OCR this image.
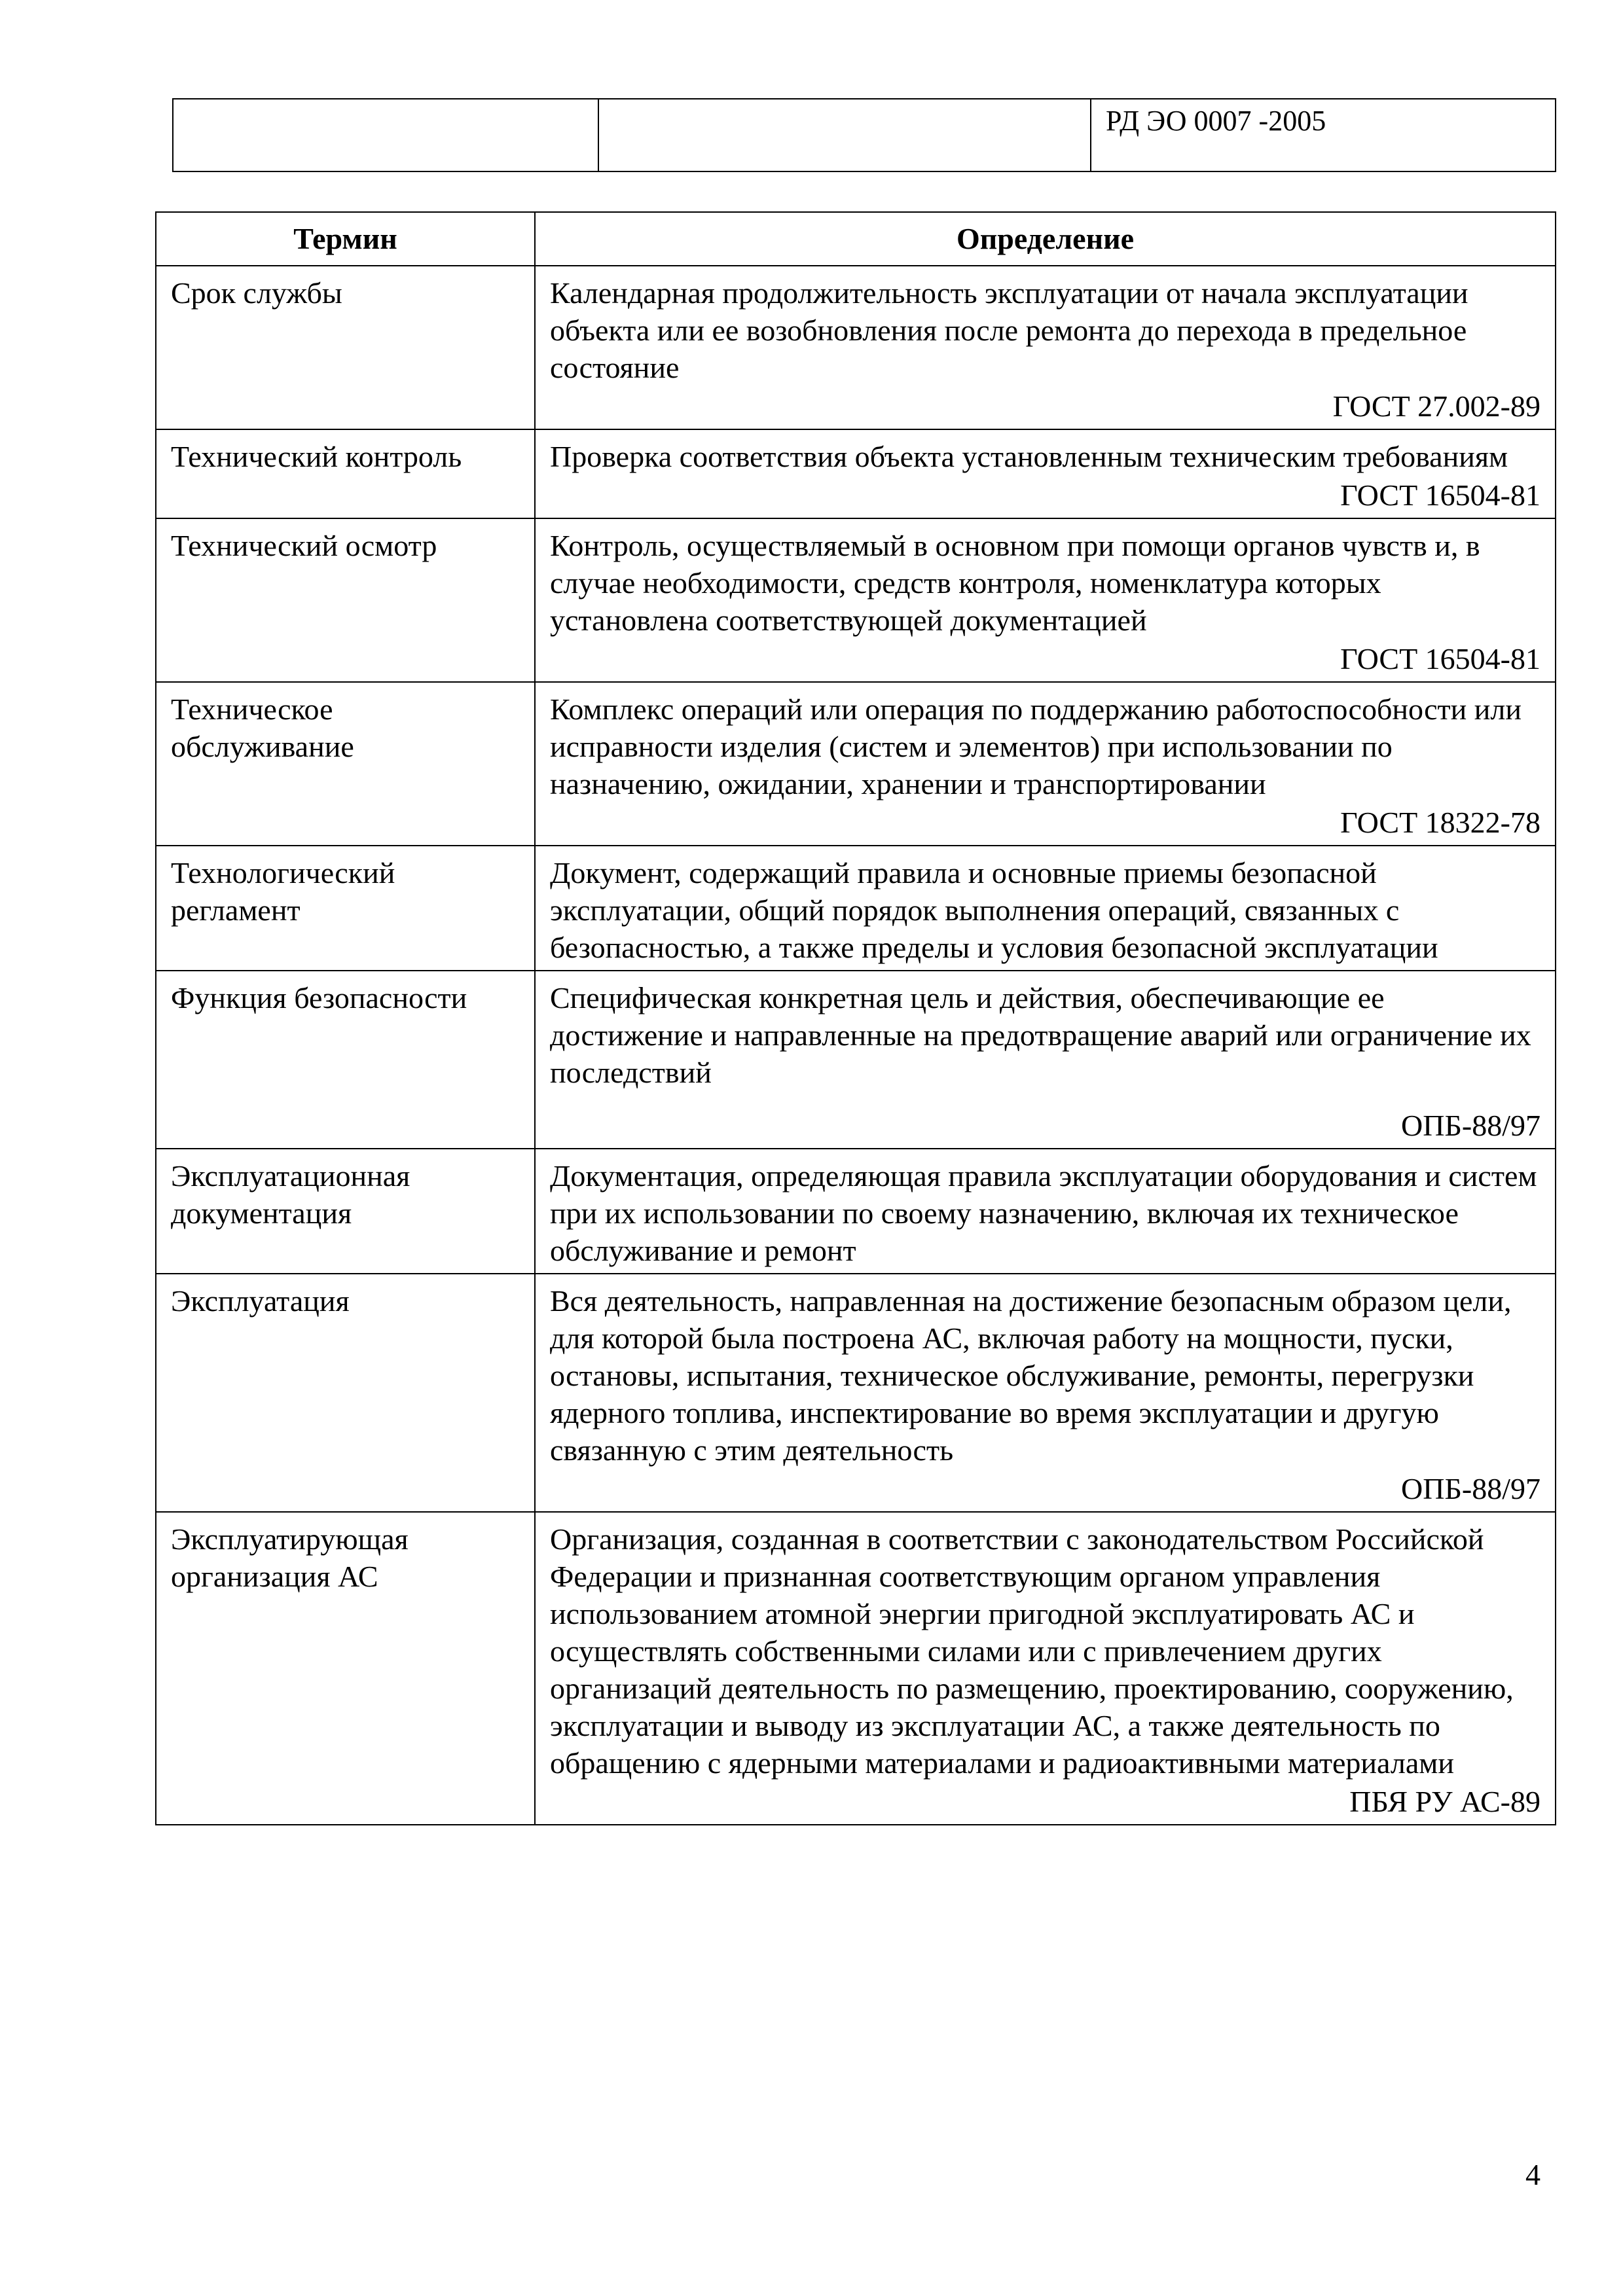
		РД ЭО 0007 -2005
Термин	Определение
Срок службы	Календарная продолжительность эксплуатации от начала эксплуатации объекта или ее возобновления после ремонта до перехода в предельное состояние
ГОСТ 27.002-89

Технический контроль	Проверка соответствия объекта установленным техническим требованиям
ГОСТ 16504-81

Технический осмотр	Контроль, осуществляемый в основном при помощи органов чувств и, в случае необходимости, средств контроля, номенклатура которых установлена соответствующей документацией
ГОСТ 16504-81

Техническое обслуживание	Комплекс операций или операция по поддержанию работоспособности или исправности изделия (систем и элементов) при использовании по назначению, ожидании, хранении и транспортировании
ГОСТ 18322-78

Технологический регламент	Документ, содержащий правила и основные приемы безопасной эксплуатации, общий порядок выполнения операций, связанных с безопасностью, а также пределы и условия безопасной эксплуатации

Функция безопасности	Специфическая конкретная цель и действия, обеспечивающие ее достижение и направленные на предотвращение аварий или ограничение их последствий
ОПБ-88/97

Эксплуатационная документация	Документация, определяющая правила эксплуатации оборудования и систем при их использовании по своему назначению, включая их техническое обслуживание и ремонт

Эксплуатация	Вся деятельность, направленная на достижение безопасным образом цели, для которой была построена АС, включая работу на мощности, пуски, остановы, испытания, техническое обслуживание, ремонты, перегрузки ядерного топлива, инспектирование во время эксплуатации и другую связанную с этим деятельность
ОПБ-88/97

Эксплуатирующая организация АС	Организация, созданная в соответствии с законодательством Российской Федерации и признанная соответствующим органом управления использованием атомной энергии пригодной эксплуатировать АС и осуществлять собственными силами или с привлечением других организаций деятельность по размещению, проектированию, сооружению, эксплуатации и выводу из эксплуатации АС, а также деятельность по обращению с ядерными материалами и радиоактивными материалами
ПБЯ РУ АС-89
4
